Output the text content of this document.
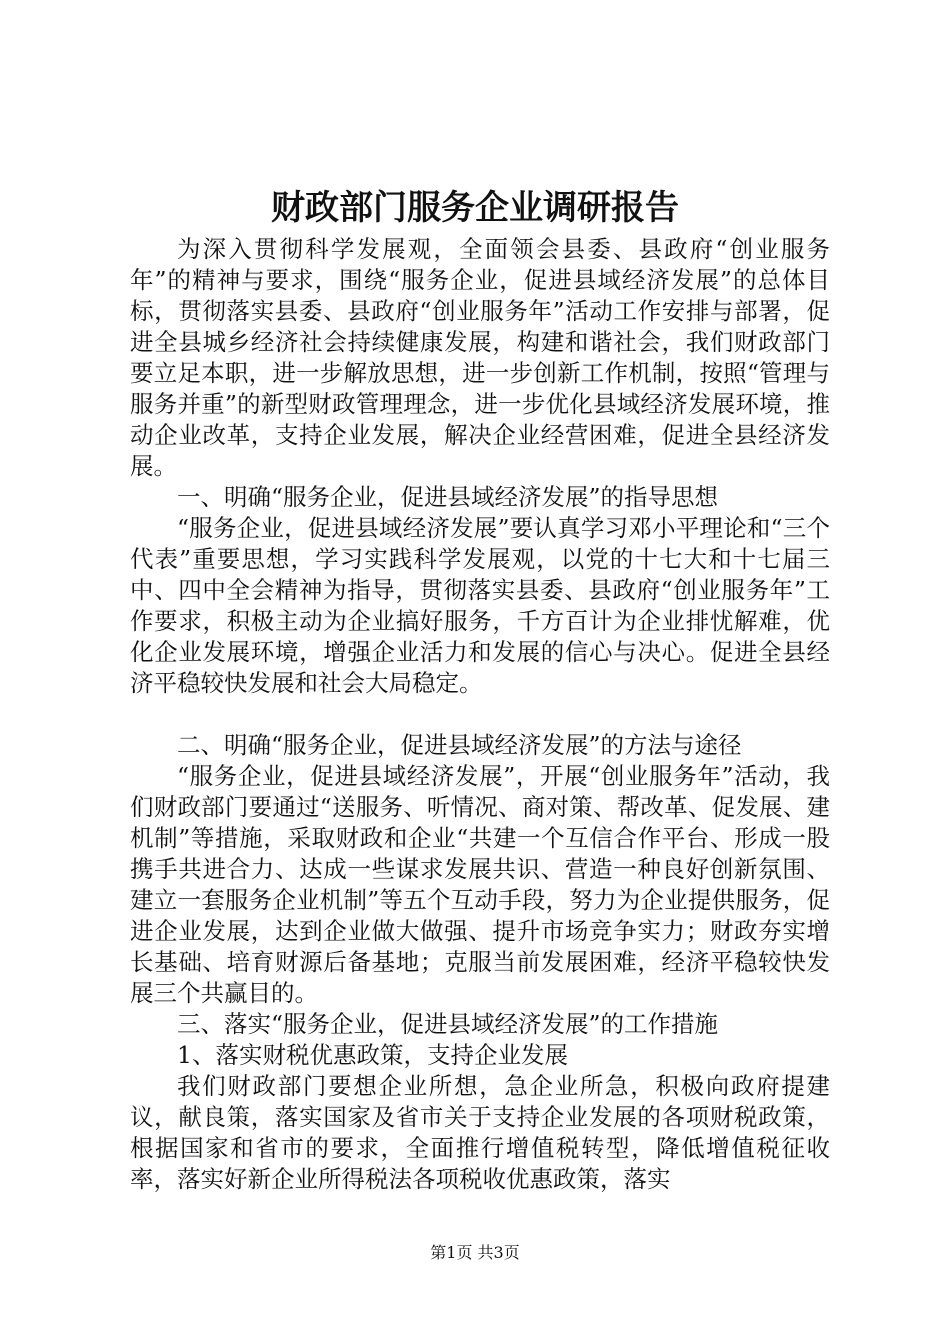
财政部门服务企业调研报告

为深入贯彻科学发展观，全面领会县委、县政府“创业服务年”的精神与要求，围绕“服务企业，促进县域经济发展”的总体目标，贯彻落实县委、县政府“创业服务年”活动工作安排与部署，促进全县城乡经济社会持续健康发展，构建和谐社会，我们财政部门要立足本职，进一步解放思想，进一步创新工作机制，按照“管理与服务并重”的新型财政管理理念，进一步优化县域经济发展环境，推动企业改革，支持企业发展，解决企业经营困难，促进全县经济发展。

一、明确“服务企业，促进县域经济发展”的指导思想

“服务企业，促进县域经济发展”要认真学习邓小平理论和“三个代表”重要思想，学习实践科学发展观，以党的十七大和十七届三中、四中全会精神为指导，贯彻落实县委、县政府“创业服务年”工作要求，积极主动为企业搞好服务，千方百计为企业排忧解难，优化企业发展环境，增强企业活力和发展的信心与决心。促进全县经济平稳较快发展和社会大局稳定。

二、明确“服务企业，促进县域经济发展”的方法与途径

“服务企业，促进县域经济发展”，开展“创业服务年”活动，我们财政部门要通过“送服务、听情况、商对策、帮改革、促发展、建机制”等措施，采取财政和企业“共建一个互信合作平台、形成一股携手共进合力、达成一些谋求发展共识、营造一种良好创新氛围、建立一套服务企业机制”等五个互动手段，努力为企业提供服务，促进企业发展，达到企业做大做强、提升市场竞争实力；财政夯实增长基础、培育财源后备基地；克服当前发展困难，经济平稳较快发展三个共赢目的。

三、落实“服务企业，促进县域经济发展”的工作措施

1、落实财税优惠政策，支持企业发展

我们财政部门要想企业所想，急企业所急，积极向政府提建议，献良策，落实国家及省市关于支持企业发展的各项财税政策，根据国家和省市的要求，全面推行增值税转型，降低增值税征收率，落实好新企业所得税法各项税收优惠政策，落实

第1页 共3页
